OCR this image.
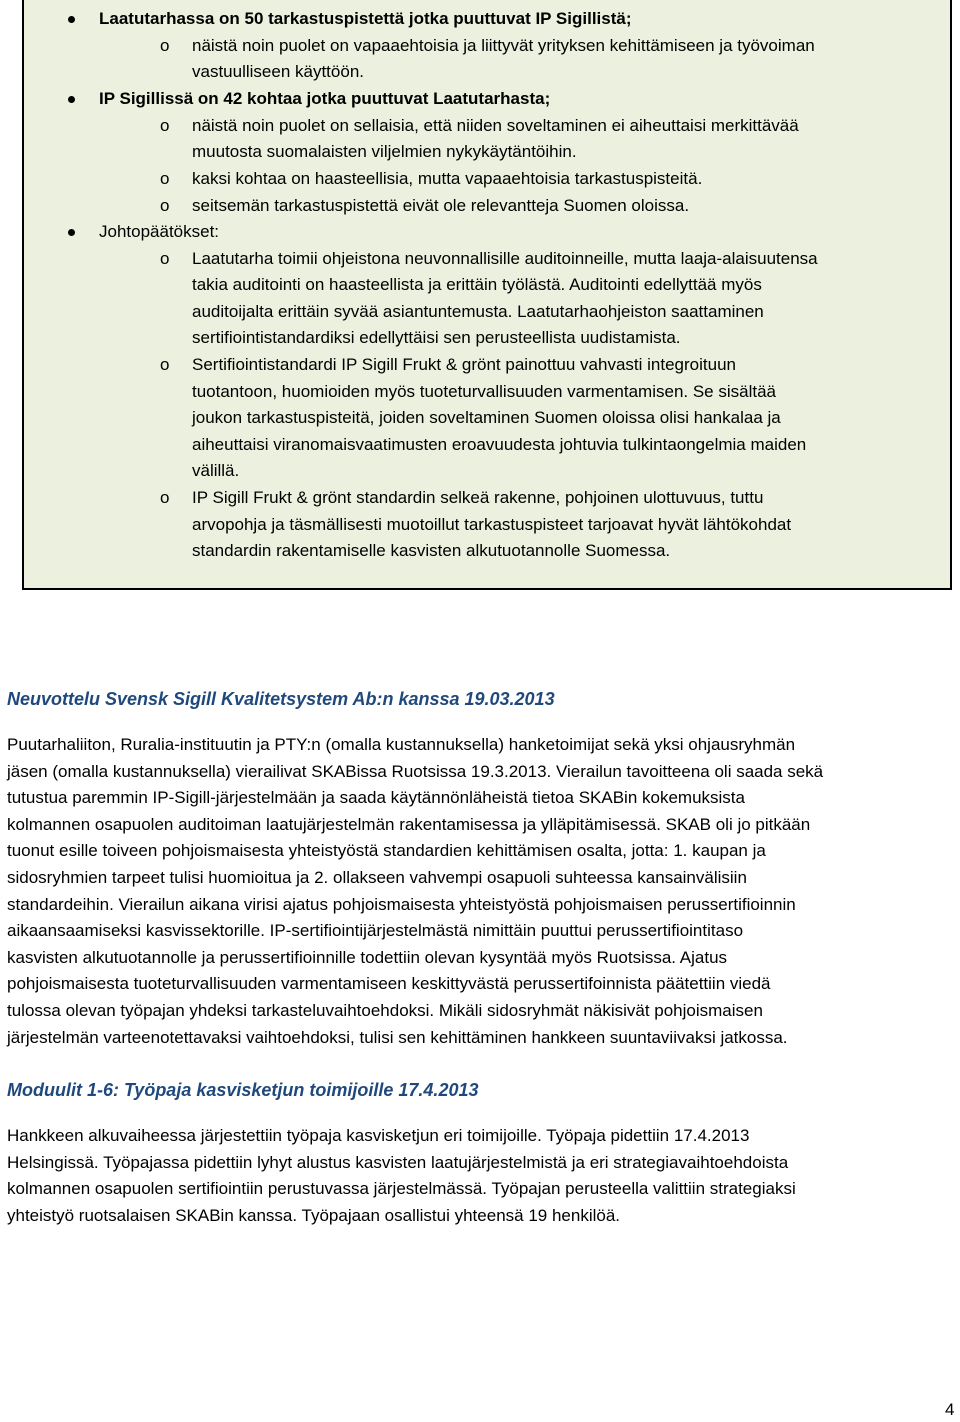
Laatutarhassa on 50 tarkastuspistettä jotka puuttuvat IP Sigillistä;
o näistä noin puolet on vapaaehtoisia ja liittyvät yrityksen kehittämiseen ja työvoiman
vastuulliseen käyttöön.
IP Sigillissä on 42 kohtaa jotka puuttuvat Laatutarhasta;
o näistä noin puolet on sellaisia, että niiden soveltaminen ei aiheuttaisi merkittävää
muutosta suomalaisten viljelmien nykykäytäntöihin.
o kaksi kohtaa on haasteellisia, mutta vapaaehtoisia tarkastuspisteitä.
o seitsemän tarkastuspistettä eivät ole relevantteja Suomen oloissa.
Johtopäätökset:
o Laatutarha toimii ohjeistona neuvonnallisille auditoinneille, mutta laaja-alaisuutensa
takia auditointi on haasteellista ja erittäin työlästä. Auditointi edellyttää myös
auditoijalta erittäin syvää asiantuntemusta. Laatutarhaohjeiston saattaminen
sertifiointistandardiksi edellyttäisi sen perusteellista uudistamista.
o Sertifiointistandardi IP Sigill Frukt & grönt painottuu vahvasti integroituun
tuotantoon, huomioiden myös tuoteturvallisuuden varmentamisen. Se sisältää
joukon tarkastuspisteitä, joiden soveltaminen Suomen oloissa olisi hankalaa ja
aiheuttaisi viranomaisvaatimusten eroavuudesta johtuvia tulkintaongelmia maiden
välillä.
o IP Sigill Frukt & grönt standardin selkeä rakenne, pohjoinen ulottuvuus, tuttu
arvopohja ja täsmällisesti muotoillut tarkastuspisteet tarjoavat hyvät lähtökohdat
standardin rakentamiselle kasvisten alkutuotannolle Suomessa.
Neuvottelu Svensk Sigill Kvalitetsystem Ab:n kanssa 19.03.2013
Puutarhaliiton, Ruralia-instituutin ja PTY:n (omalla kustannuksella) hanketoimijat sekä yksi ohjausryhmän
jäsen (omalla kustannuksella) vierailivat SKABissa Ruotsissa 19.3.2013. Vierailun tavoitteena oli saada sekä
tutustua paremmin IP-Sigill-järjestelmään ja saada käytännönläheistä tietoa SKABin kokemuksista
kolmannen osapuolen auditoiman laatujärjestelmän rakentamisessa ja ylläpitämisessä. SKAB oli jo pitkään
tuonut esille toiveen pohjoismaisesta yhteistyöstä standardien kehittämisen osalta, jotta: 1. kaupan ja
sidosryhmien tarpeet tulisi huomioitua ja 2. ollakseen vahvempi osapuoli suhteessa kansainvälisiin
standardeihin. Vierailun aikana virisi ajatus pohjoismaisesta yhteistyöstä pohjoismaisen perussertifioinnin
aikaansaamiseksi kasvissektorille. IP-sertifiointijärjestelmästä nimittäin puuttui perussertifiointitaso
kasvisten alkutuotannolle ja perussertifioinnille todettiin olevan kysyntää myös Ruotsissa. Ajatus
pohjoismaisesta tuoteturvallisuuden varmentamiseen keskittyvästä perussertifoinnista päätettiin viedä
tulossa olevan työpajan yhdeksi tarkasteluvaihtoehdoksi. Mikäli sidosryhmät näkisivät pohjoismaisen
järjestelmän varteenotettavaksi vaihtoehdoksi, tulisi sen kehittäminen hankkeen suuntaviivaksi jatkossa.
Moduulit 1-6: Työpaja kasvisketjun toimijoille 17.4.2013
Hankkeen alkuvaiheessa järjestettiin työpaja kasvisketjun eri toimijoille. Työpaja pidettiin 17.4.2013
Helsingissä. Työpajassa pidettiin lyhyt alustus kasvisten laatujärjestelmistä ja eri strategiavaihtoehdoista
kolmannen osapuolen sertifiointiin perustuvassa järjestelmässä. Työpajan perusteella valittiin strategiaksi
yhteistyö ruotsalaisen SKABin kanssa. Työpajaan osallistui yhteensä 19 henkilöä.
4
